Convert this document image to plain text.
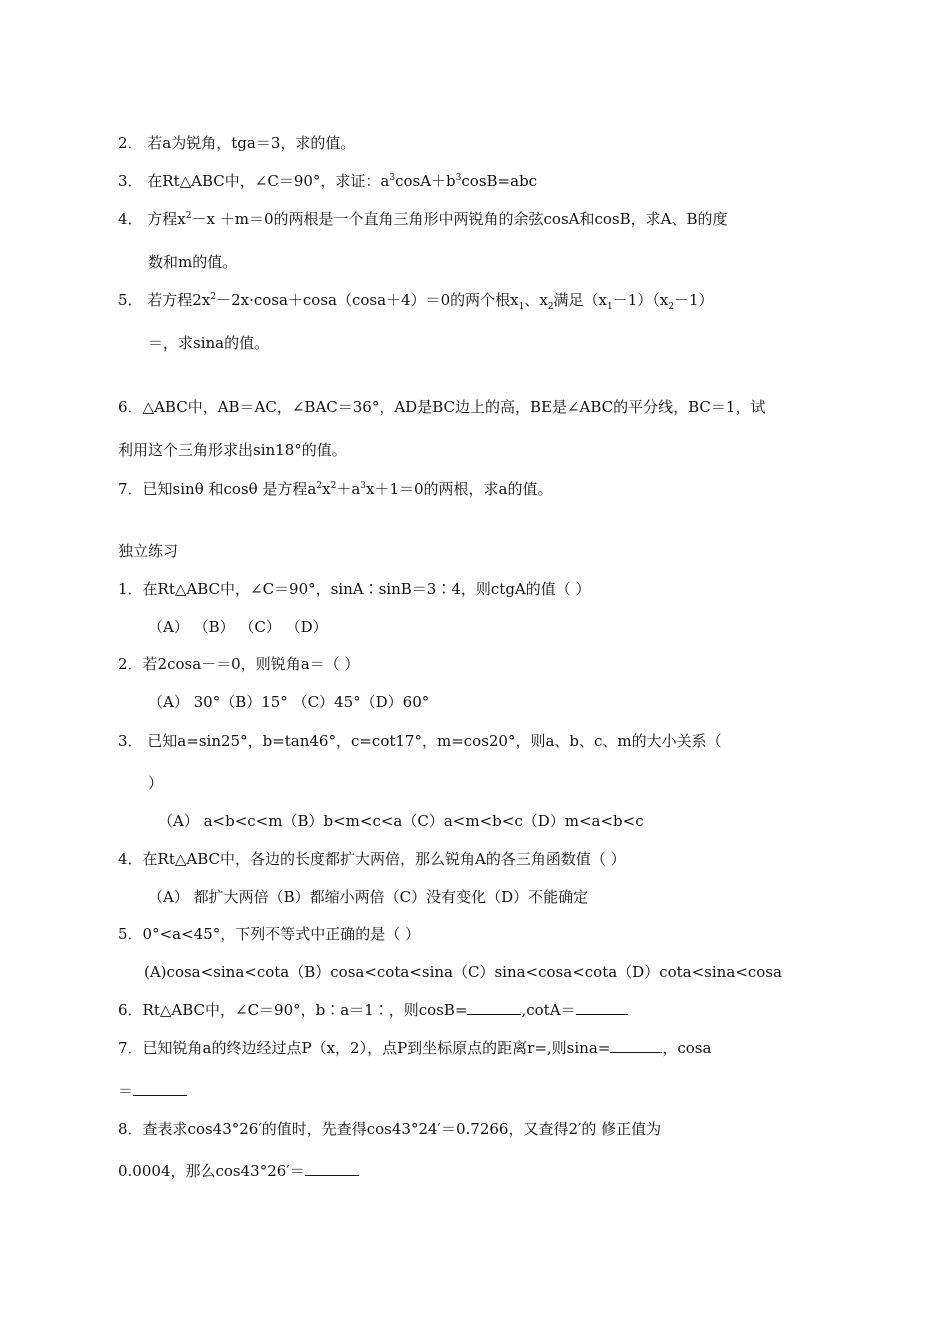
2． 若a为锐角，tga＝3，求的值。
3． 在Rt△ABC中，∠C＝90°，求证：$a^3\cos A+b^3\cos B=abc$
4． 方程$x^2-x +m=0$的两根是一个直角三角形中两锐角的余弦cosA和cosB，求A、B的度
数和m的值。
5． 若方程$2x^2-2x\cdot\cos a+\cos a(\cos a+4)=0$的两个根$x_1$、$x_2$满足$(x_1-1)(x_2-1)$
＝，求sina的值。
6．△ABC中，AB＝AC，∠BAC＝36°，AD是BC边上的高，BE是∠ABC的平分线，BC＝1，试
利用这个三角形求出sin18°的值。
7．已知sinθ 和cosθ 是方程$a^2x^2+a^3x+1=0$的两根，求a的值。
独立练习
1．在Rt△ABC中，∠C＝90°，sinA∶sinB＝3∶4，则ctgA的值（ ）
（A） （B） （C） （D）
2．若2cosa－＝0，则锐角a＝（ ）
（A） 30°（B）15° （C）45°（D）60°
3． 已知a=sin25°，b=tan46°，c=cot17°，m=cos20°，则a、b、c、m的大小关系（
）
（A） a<b<c<m（B）b<m<c<a（C）a<m<b<c（D）m<a<b<c
4．在Rt△ABC中，各边的长度都扩大两倍，那么锐角A的各三角函数值（ ）
（A） 都扩大两倍（B）都缩小两倍（C）没有变化（D）不能确定
5．0°<a<45°，下列不等式中正确的是（ ）
(A)cosa<sina<cota（B）cosa<cota<sina（C）sina<cosa<cota（D）cota<sina<cosa
6．Rt△ABC中，∠C＝90°，b∶a＝1∶，则cosB=	,cotA＝
7．已知锐角a的终边经过点P（x，2），点P到坐标原点的距离r=,则sina=	，cosa
＝
8．查表求cos43°26′的值时，先查得cos43°24′＝0.7266，又查得2′的 修正值为
0.0004，那么cos43°26′＝
